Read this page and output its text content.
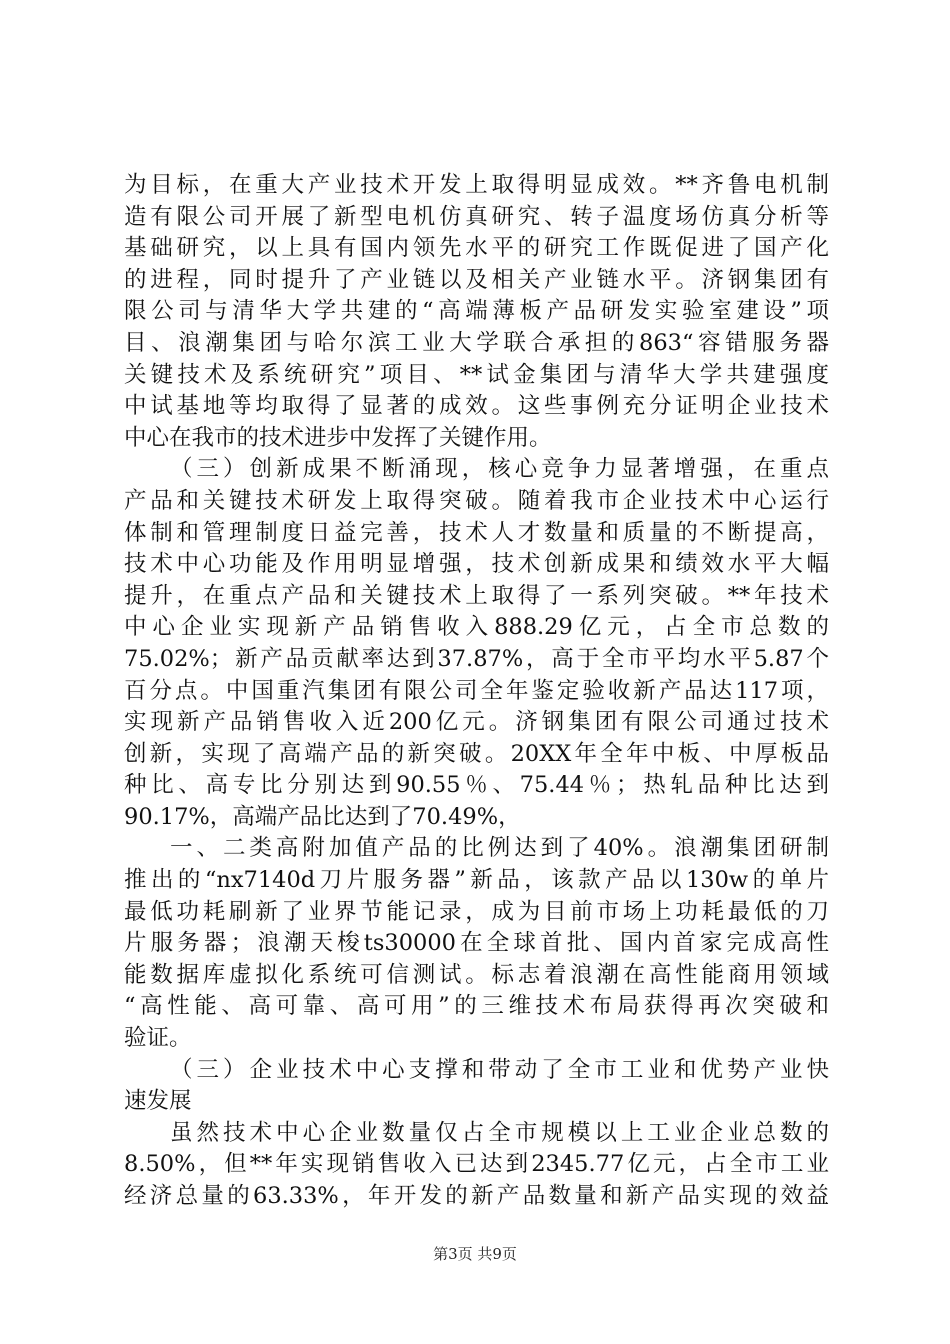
为目标，在重大产业技术开发上取得明显成效。**齐鲁电机制
造有限公司开展了新型电机仿真研究、转子温度场仿真分析等
基础研究，以上具有国内领先水平的研究工作既促进了国产化
的进程，同时提升了产业链以及相关产业链水平。济钢集团有
限公司与清华大学共建的“高端薄板产品研发实验室建设”项
目、浪潮集团与哈尔滨工业大学联合承担的863“容错服务器
关键技术及系统研究”项目、**试金集团与清华大学共建强度
中试基地等均取得了显著的成效。这些事例充分证明企业技术
中心在我市的技术进步中发挥了关键作用。
（三）创新成果不断涌现，核心竞争力显著增强，在重点
产品和关键技术研发上取得突破。随着我市企业技术中心运行
体制和管理制度日益完善，技术人才数量和质量的不断提高，
技术中心功能及作用明显增强，技术创新成果和绩效水平大幅
提升，在重点产品和关键技术上取得了一系列突破。**年技术
中心企业实现新产品销售收入888.29亿元，占全市总数的
75.02%；新产品贡献率达到37.87%，高于全市平均水平5.87个
百分点。中国重汽集团有限公司全年鉴定验收新产品达117项，
实现新产品销售收入近200亿元。济钢集团有限公司通过技术
创新，实现了高端产品的新突破。20XX年全年中板、中厚板品
种比、高专比分别达到90.55％、75.44％；热轧品种比达到
90.17%，高端产品比达到了70.49%，
一、二类高附加值产品的比例达到了40%。浪潮集团研制
推出的“nx7140d刀片服务器”新品，该款产品以130w的单片
最低功耗刷新了业界节能记录，成为目前市场上功耗最低的刀
片服务器；浪潮天梭ts30000在全球首批、国内首家完成高性
能数据库虚拟化系统可信测试。标志着浪潮在高性能商用领域
“高性能、高可靠、高可用”的三维技术布局获得再次突破和
验证。
（三）企业技术中心支撑和带动了全市工业和优势产业快
速发展
虽然技术中心企业数量仅占全市规模以上工业企业总数的
8.50%，但**年实现销售收入已达到2345.77亿元，占全市工业
经济总量的63.33%，年开发的新产品数量和新产品实现的效益
第3页 共9页
